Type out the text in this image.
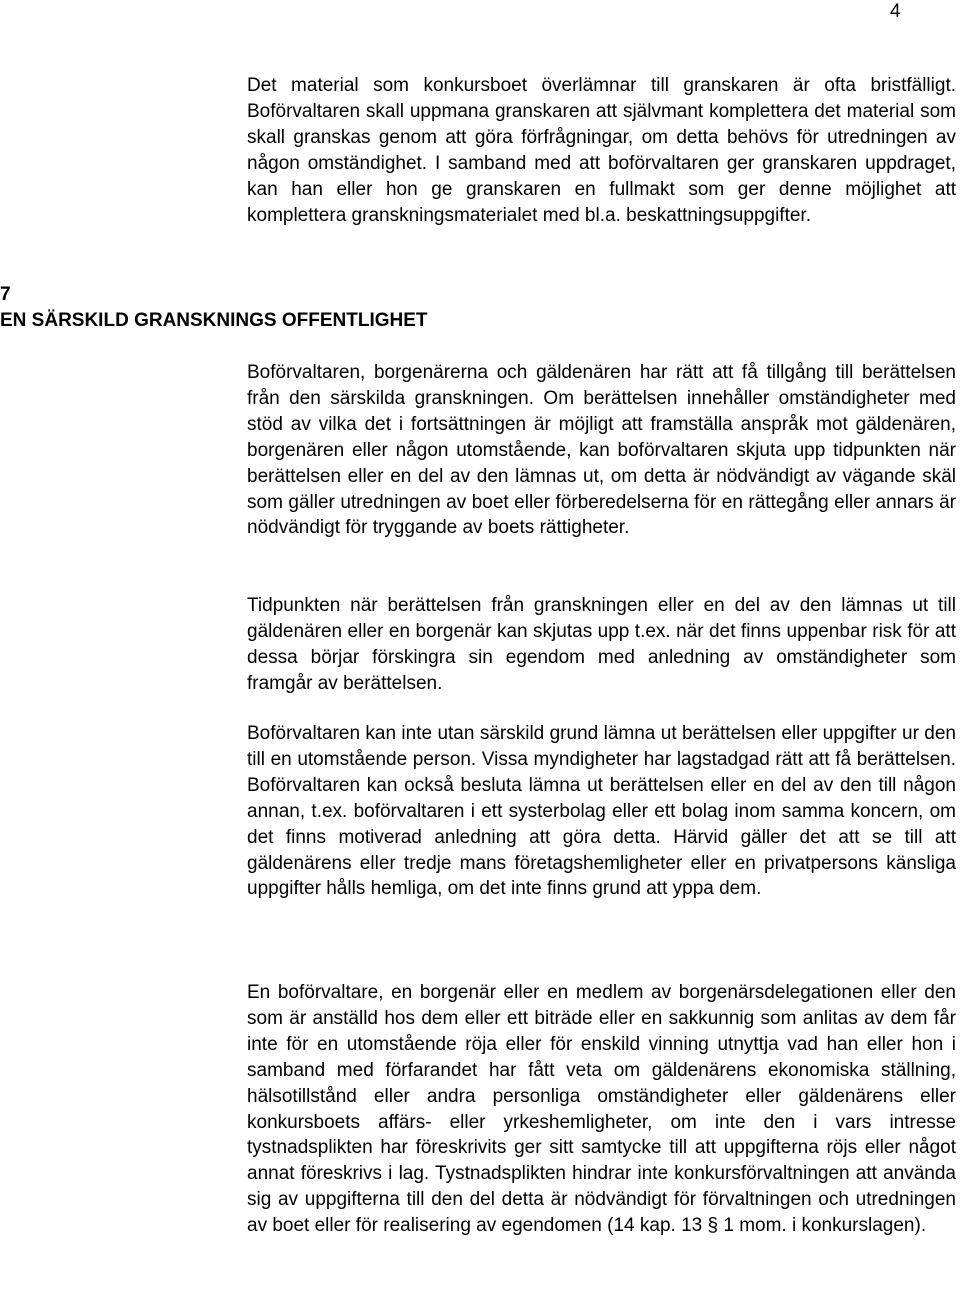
4

Det material som konkursboet överlämnar till granskaren är ofta bristfälligt. Boförvaltaren skall uppmana granskaren att självmant komplettera det material som skall granskas genom att göra förfrågningar, om detta behövs för utredningen av någon omständighet. I samband med att boförvaltaren ger granskaren uppdraget, kan han eller hon ge granskaren en fullmakt som ger denne möjlighet att komplettera granskningsmaterialet med bl.a. beskattningsuppgifter.

7
EN SÄRSKILD GRANSKNINGS OFFENTLIGHET

Boförvaltaren, borgenärerna och gäldenären har rätt att få tillgång till berättelsen från den särskilda granskningen. Om berättelsen innehåller omständigheter med stöd av vilka det i fortsättningen är möjligt att framställa anspråk mot gäldenären, borgenären eller någon utomstående, kan boförvaltaren skjuta upp tidpunkten när berättelsen eller en del av den lämnas ut, om detta är nödvändigt av vägande skäl som gäller utredningen av boet eller förberedelserna för en rättegång eller annars är nödvändigt för tryggande av boets rättigheter.

Tidpunkten när berättelsen från granskningen eller en del av den lämnas ut till gäldenären eller en borgenär kan skjutas upp t.ex. när det finns uppenbar risk för att dessa börjar förskingra sin egendom med anledning av omständigheter som framgår av berättelsen.

Boförvaltaren kan inte utan särskild grund lämna ut berättelsen eller uppgifter ur den till en utomstående person. Vissa myndigheter har lagstadgad rätt att få berättelsen. Boförvaltaren kan också besluta lämna ut berättelsen eller en del av den till någon annan, t.ex. boförvaltaren i ett systerbolag eller ett bolag inom samma koncern, om det finns motiverad anledning att göra detta. Härvid gäller det att se till att gäldenärens eller tredje mans företagshemligheter eller en privatpersons känsliga uppgifter hålls hemliga, om det inte finns grund att yppa dem.

En boförvaltare, en borgenär eller en medlem av borgenärsdelegationen eller den som är anställd hos dem eller ett biträde eller en sakkunnig som anlitas av dem får inte för en utomstående röja eller för enskild vinning utnyttja vad han eller hon i samband med förfarandet har fått veta om gäldenärens ekonomiska ställning, hälsotillstånd eller andra personliga omständigheter eller gäldenärens eller konkursboets affärs- eller yrkeshemligheter, om inte den i vars intresse tystnadsplikten har föreskrivits ger sitt samtycke till att uppgifterna röjs eller något annat föreskrivs i lag. Tystnadsplikten hindrar inte konkursförvaltningen att använda sig av uppgifterna till den del detta är nödvändigt för förvaltningen och utredningen av boet eller för realisering av egendomen (14 kap. 13 § 1 mom. i konkurslagen).
